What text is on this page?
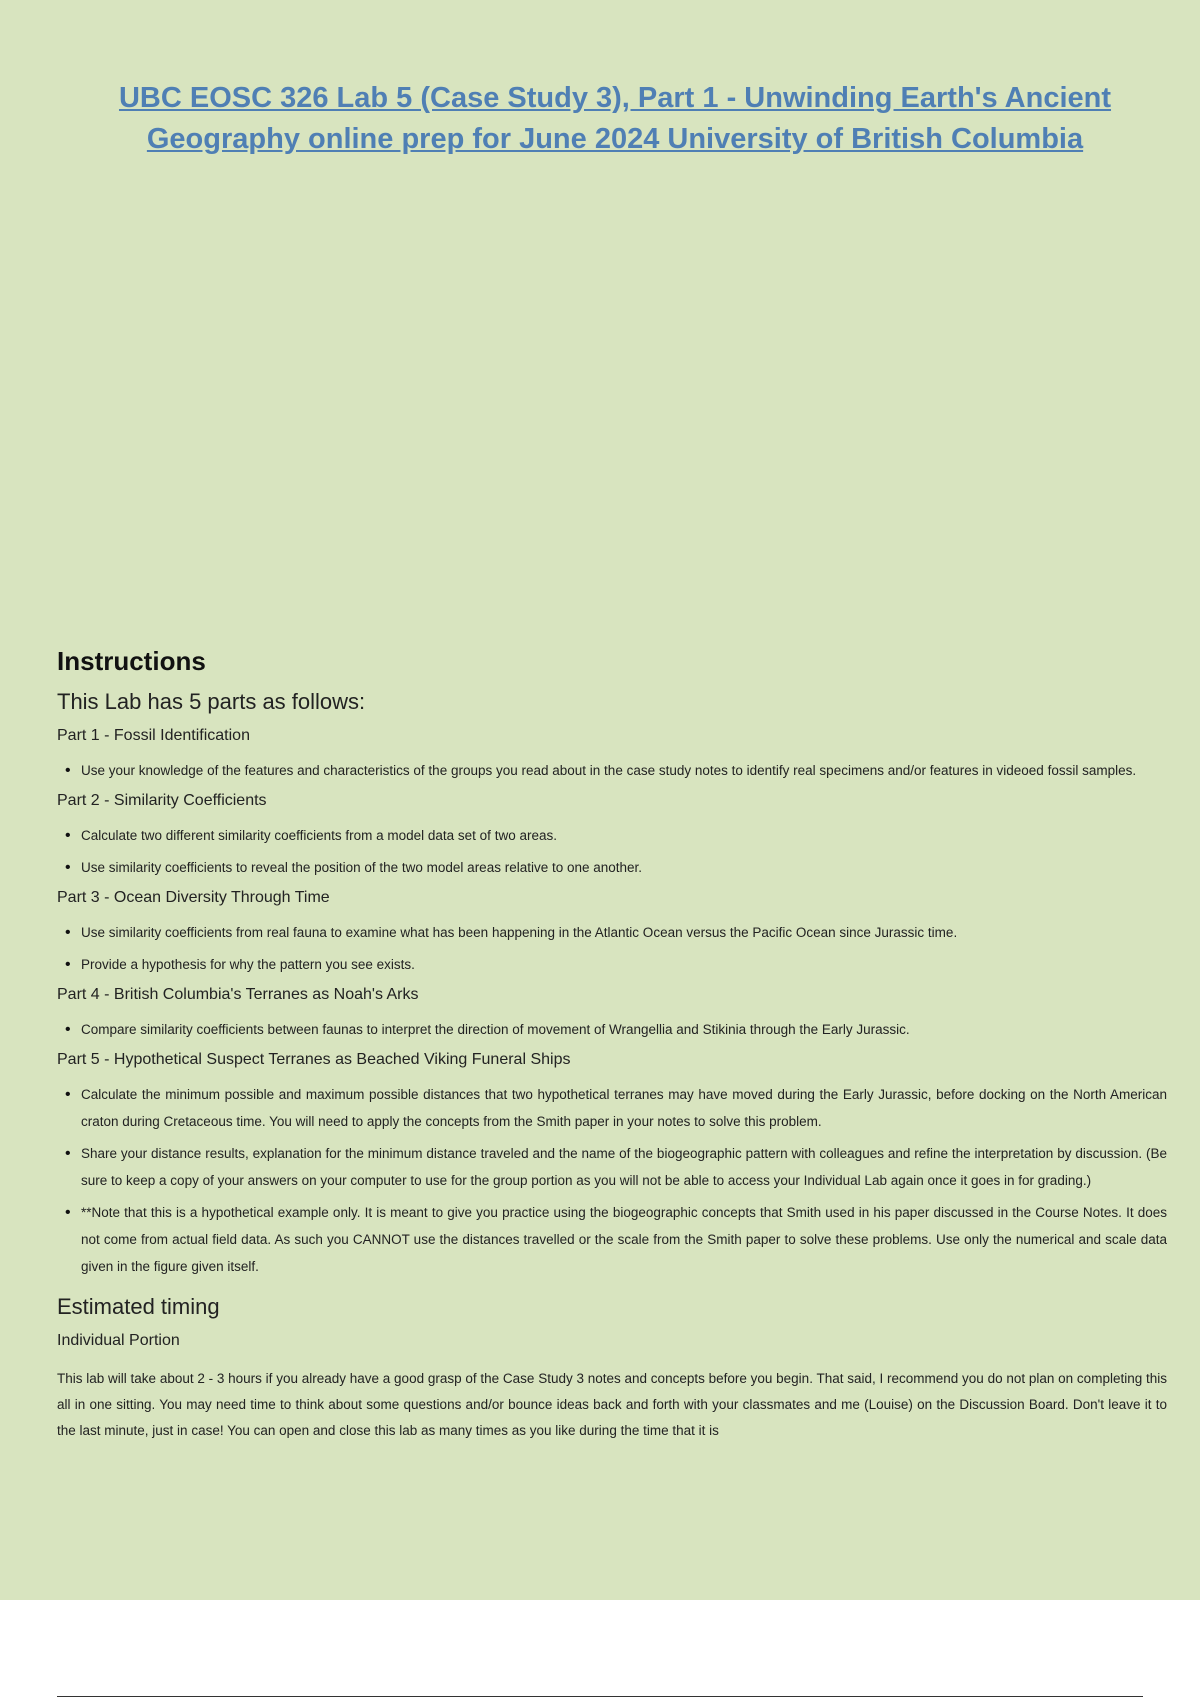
UBC EOSC 326 Lab 5 (Case Study 3), Part 1 - Unwinding Earth's Ancient Geography online prep for June 2024 University of British Columbia
Instructions
This Lab has 5 parts as follows:
Part 1 - Fossil Identification
• Use your knowledge of the features and characteristics of the groups you read about in the case study notes to identify real specimens and/or features in videoed fossil samples.
Part 2 - Similarity Coefficients
• Calculate two different similarity coefficients from a model data set of two areas.
• Use similarity coefficients to reveal the position of the two model areas relative to one another.
Part 3 - Ocean Diversity Through Time
• Use similarity coefficients from real fauna to examine what has been happening in the Atlantic Ocean versus the Pacific Ocean since Jurassic time.
• Provide a hypothesis for why the pattern you see exists.
Part 4 - British Columbia's Terranes as Noah's Arks
• Compare similarity coefficients between faunas to interpret the direction of movement of Wrangellia and Stikinia through the Early Jurassic.
Part 5 - Hypothetical Suspect Terranes as Beached Viking Funeral Ships
• Calculate the minimum possible and maximum possible distances that two hypothetical terranes may have moved during the Early Jurassic, before docking on the North American craton during Cretaceous time. You will need to apply the concepts from the Smith paper in your notes to solve this problem.
• Share your distance results, explanation for the minimum distance traveled and the name of the biogeographic pattern with colleagues and refine the interpretation by discussion. (Be sure to keep a copy of your answers on your computer to use for the group portion as you will not be able to access your Individual Lab again once it goes in for grading.)
• **Note that this is a hypothetical example only. It is meant to give you practice using the biogeographic concepts that Smith used in his paper discussed in the Course Notes. It does not come from actual field data. As such you CANNOT use the distances travelled or the scale from the Smith paper to solve these problems. Use only the numerical and scale data given in the figure given itself.
Estimated timing
Individual Portion

This lab will take about 2 - 3 hours if you already have a good grasp of the Case Study 3 notes and concepts before you begin. That said, I recommend you do not plan on completing this all in one sitting. You may need time to think about some questions and/or bounce ideas back and forth with your classmates and me (Louise) on the Discussion Board. Don't leave it to the last minute, just in case! You can open and close this lab as many times as you like during the time that it is
